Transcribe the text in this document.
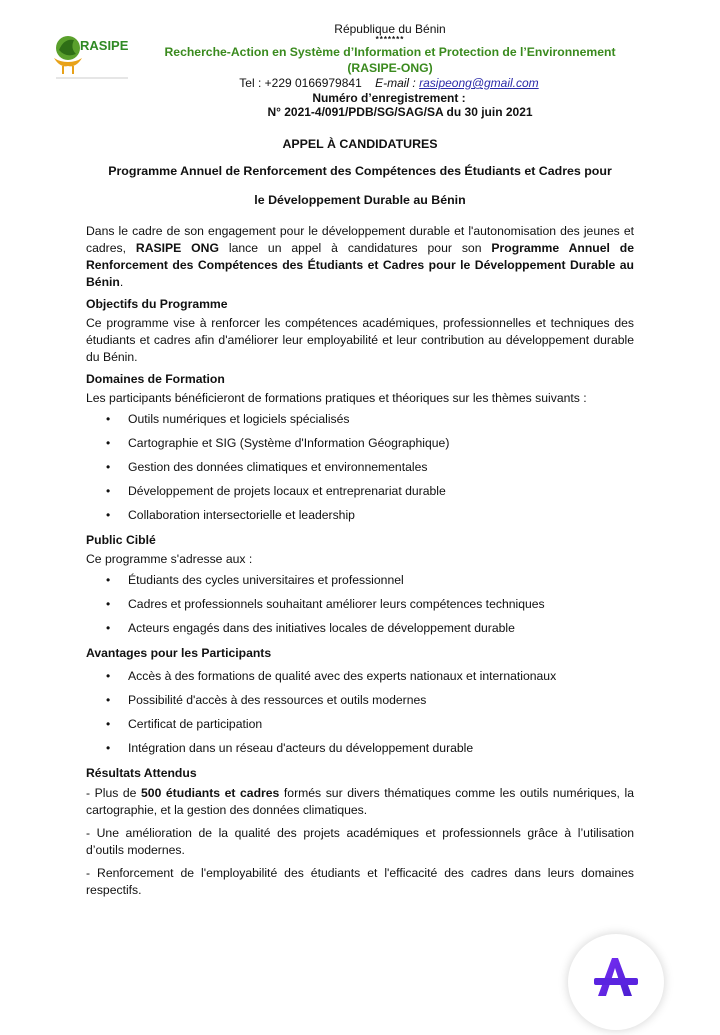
RASIPE
République du Bénin
*******
Recherche-Action en Système d’Information et Protection de l’Environnement (RASIPE-ONG)
Tel : +229 0166979841 E-mail : rasipeong@gmail.com
Numéro d’enregistrement :
N° 2021-4/091/PDB/SG/SAG/SA du 30 juin 2021
APPEL À CANDIDATURES
Programme Annuel de Renforcement des Compétences des Étudiants et Cadres pour le Développement Durable au Bénin

Dans le cadre de son engagement pour le développement durable et l'autonomisation des jeunes et cadres, RASIPE ONG lance un appel à candidatures pour son Programme Annuel de Renforcement des Compétences des Étudiants et Cadres pour le Développement Durable au Bénin.

Objectifs du Programme

Ce programme vise à renforcer les compétences académiques, professionnelles et techniques des étudiants et cadres afin d'améliorer leur employabilité et leur contribution au développement durable du Bénin.

Domaines de Formation

Les participants bénéficieront de formations pratiques et théoriques sur les thèmes suivants :

• Outils numériques et logiciels spécialisés
• Cartographie et SIG (Système d'Information Géographique)
• Gestion des données climatiques et environnementales
• Développement de projets locaux et entreprenariat durable
• Collaboration intersectorielle et leadership
Public Ciblé

Ce programme s'adresse aux :

• Étudiants des cycles universitaires et professionnel
• Cadres et professionnels souhaitant améliorer leurs compétences techniques
• Acteurs engagés dans des initiatives locales de développement durable
Avantages pour les Participants
• Accès à des formations de qualité avec des experts nationaux et internationaux
• Possibilité d'accès à des ressources et outils modernes
• Certificat de participation
• Intégration dans un réseau d'acteurs du développement durable
Résultats Attendus

- Plus de 500 étudiants et cadres formés sur divers thématiques comme les outils numériques, la cartographie, et la gestion des données climatiques.

- Une amélioration de la qualité des projets académiques et professionnels grâce à l’utilisation d’outils modernes.

- Renforcement de l'employabilité des étudiants et l'efficacité des cadres dans leurs domaines respectifs.
